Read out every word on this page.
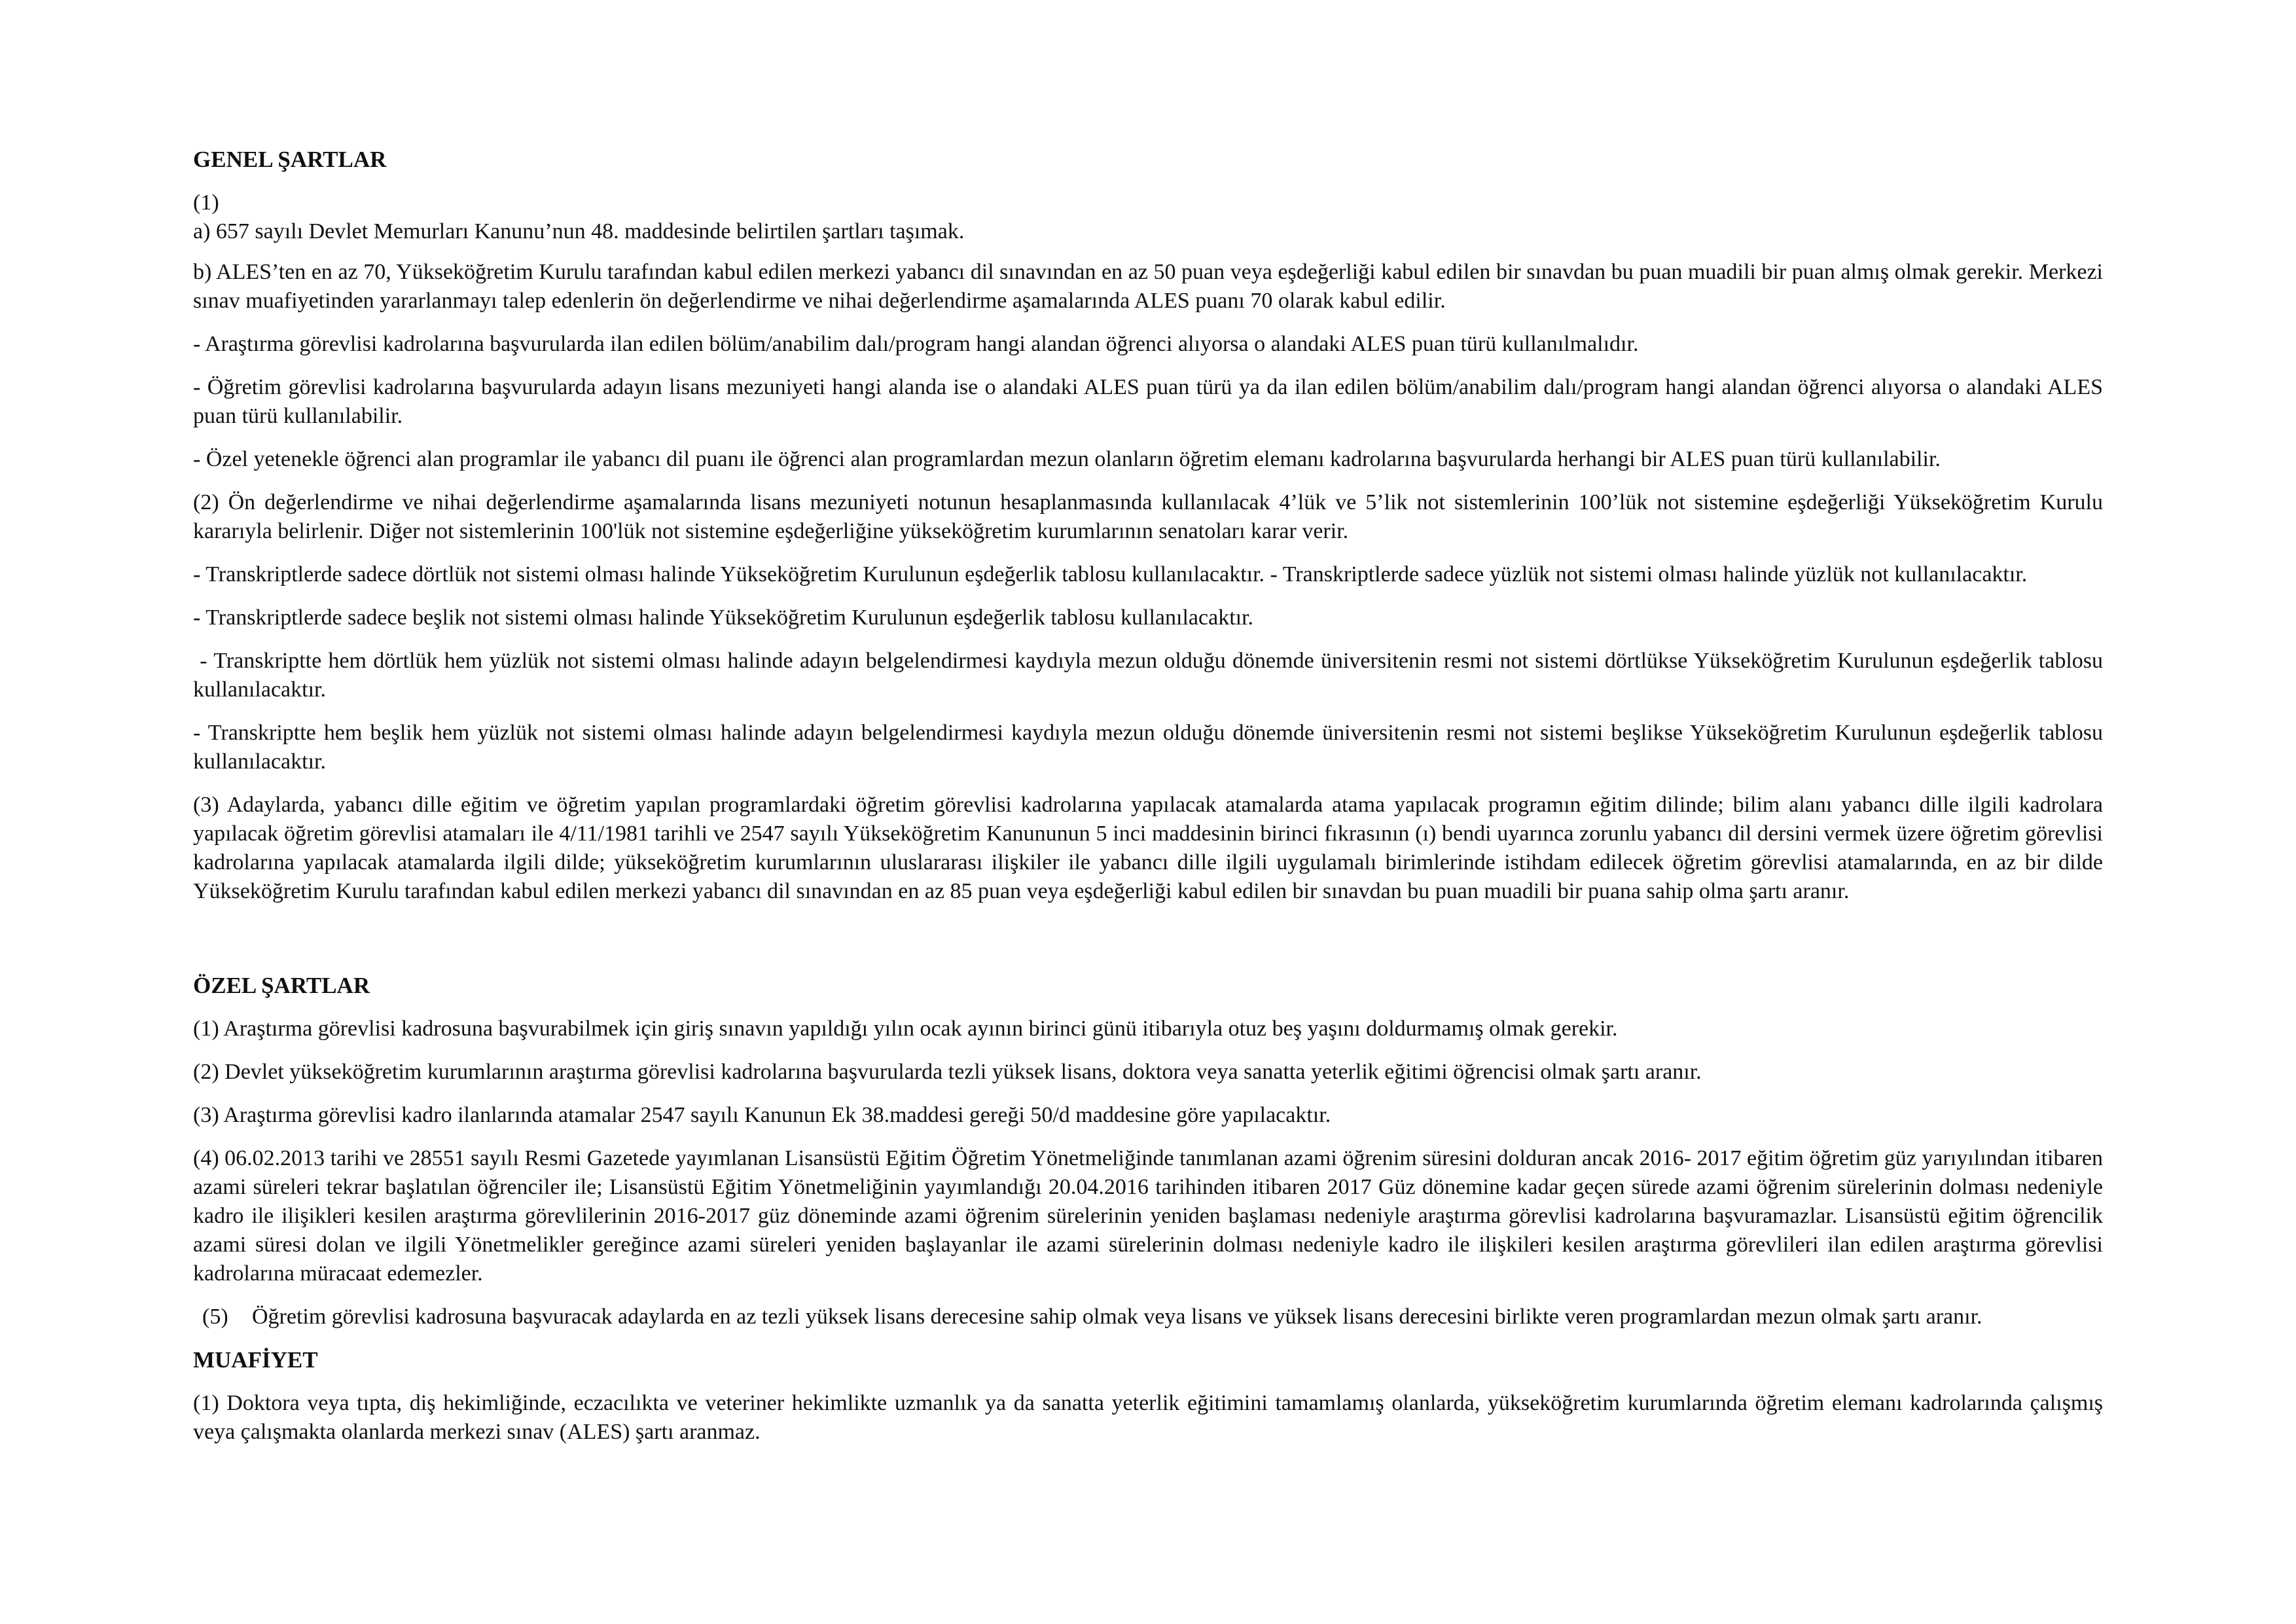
GENEL ŞARTLAR
(1)
a) 657 sayılı Devlet Memurları Kanunu’nun 48. maddesinde belirtilen şartları taşımak.
b) ALES’ten en az 70, Yükseköğretim Kurulu tarafından kabul edilen merkezi yabancı dil sınavından en az 50 puan veya eşdeğerliği kabul edilen bir sınavdan bu puan muadili bir puan almış olmak gerekir. Merkezi sınav muafiyetinden yararlanmayı talep edenlerin ön değerlendirme ve nihai değerlendirme aşamalarında ALES puanı 70 olarak kabul edilir.
- Araştırma görevlisi kadrolarına başvurularda ilan edilen bölüm/anabilim dalı/program hangi alandan öğrenci alıyorsa o alandaki ALES puan türü kullanılmalıdır.
- Öğretim görevlisi kadrolarına başvurularda adayın lisans mezuniyeti hangi alanda ise o alandaki ALES puan türü ya da ilan edilen bölüm/anabilim dalı/program hangi alandan öğrenci alıyorsa o alandaki ALES puan türü kullanılabilir.
- Özel yetenekle öğrenci alan programlar ile yabancı dil puanı ile öğrenci alan programlardan mezun olanların öğretim elemanı kadrolarına başvurularda herhangi bir ALES puan türü kullanılabilir.
(2) Ön değerlendirme ve nihai değerlendirme aşamalarında lisans mezuniyeti notunun hesaplanmasında kullanılacak 4’lük ve 5’lik not sistemlerinin 100’lük not sistemine eşdeğerliği Yükseköğretim Kurulu kararıyla belirlenir. Diğer not sistemlerinin 100'lük not sistemine eşdeğerliğine yükseköğretim kurumlarının senatoları karar verir.
- Transkriptlerde sadece dörtlük not sistemi olması halinde Yükseköğretim Kurulunun eşdeğerlik tablosu kullanılacaktır. - Transkriptlerde sadece yüzlük not sistemi olması halinde yüzlük not kullanılacaktır.
- Transkriptlerde sadece beşlik not sistemi olması halinde Yükseköğretim Kurulunun eşdeğerlik tablosu kullanılacaktır.
- Transkriptte hem dörtlük hem yüzlük not sistemi olması halinde adayın belgelendirmesi kaydıyla mezun olduğu dönemde üniversitenin resmi not sistemi dörtlükse Yükseköğretim Kurulunun eşdeğerlik tablosu kullanılacaktır.
- Transkriptte hem beşlik hem yüzlük not sistemi olması halinde adayın belgelendirmesi kaydıyla mezun olduğu dönemde üniversitenin resmi not sistemi beşlikse Yükseköğretim Kurulunun eşdeğerlik tablosu kullanılacaktır.
(3) Adaylarda, yabancı dille eğitim ve öğretim yapılan programlardaki öğretim görevlisi kadrolarına yapılacak atamalarda atama yapılacak programın eğitim dilinde; bilim alanı yabancı dille ilgili kadrolara yapılacak öğretim görevlisi atamaları ile 4/11/1981 tarihli ve 2547 sayılı Yükseköğretim Kanununun 5 inci maddesinin birinci fıkrasının (ı) bendi uyarınca zorunlu yabancı dil dersini vermek üzere öğretim görevlisi kadrolarına yapılacak atamalarda ilgili dilde; yükseköğretim kurumlarının uluslararası ilişkiler ile yabancı dille ilgili uygulamalı birimlerinde istihdam edilecek öğretim görevlisi atamalarında, en az bir dilde Yükseköğretim Kurulu tarafından kabul edilen merkezi yabancı dil sınavından en az 85 puan veya eşdeğerliği kabul edilen bir sınavdan bu puan muadili bir puana sahip olma şartı aranır.
ÖZEL ŞARTLAR
(1) Araştırma görevlisi kadrosuna başvurabilmek için giriş sınavın yapıldığı yılın ocak ayının birinci günü itibarıyla otuz beş yaşını doldurmamış olmak gerekir.
(2) Devlet yükseköğretim kurumlarının araştırma görevlisi kadrolarına başvurularda tezli yüksek lisans, doktora veya sanatta yeterlik eğitimi öğrencisi olmak şartı aranır.
(3) Araştırma görevlisi kadro ilanlarında atamalar 2547 sayılı Kanunun Ek 38.maddesi gereği 50/d maddesine göre yapılacaktır.
(4) 06.02.2013 tarihi ve 28551 sayılı Resmi Gazetede yayımlanan Lisansüstü Eğitim Öğretim Yönetmeliğinde tanımlanan azami öğrenim süresini dolduran ancak 2016- 2017 eğitim öğretim güz yarıyılından itibaren azami süreleri tekrar başlatılan öğrenciler ile; Lisansüstü Eğitim Yönetmeliğinin yayımlandığı 20.04.2016 tarihinden itibaren 2017 Güz dönemine kadar geçen sürede azami öğrenim sürelerinin dolması nedeniyle kadro ile ilişikleri kesilen araştırma görevlilerinin 2016-2017 güz döneminde azami öğrenim sürelerinin yeniden başlaması nedeniyle araştırma görevlisi kadrolarına başvuramazlar. Lisansüstü eğitim öğrencilik azami süresi dolan ve ilgili Yönetmelikler gereğince azami süreleri yeniden başlayanlar ile azami sürelerinin dolması nedeniyle kadro ile ilişkileri kesilen araştırma görevlileri ilan edilen araştırma görevlisi kadrolarına müracaat edemezler.
(5)	Öğretim görevlisi kadrosuna başvuracak adaylarda en az tezli yüksek lisans derecesine sahip olmak veya lisans ve yüksek lisans derecesini birlikte veren programlardan mezun olmak şartı aranır.
MUAFİYET
(1) Doktora veya tıpta, diş hekimliğinde, eczacılıkta ve veteriner hekimlikte uzmanlık ya da sanatta yeterlik eğitimini tamamlamış olanlarda, yükseköğretim kurumlarında öğretim elemanı kadrolarında çalışmış veya çalışmakta olanlarda merkezi sınav (ALES) şartı aranmaz.
